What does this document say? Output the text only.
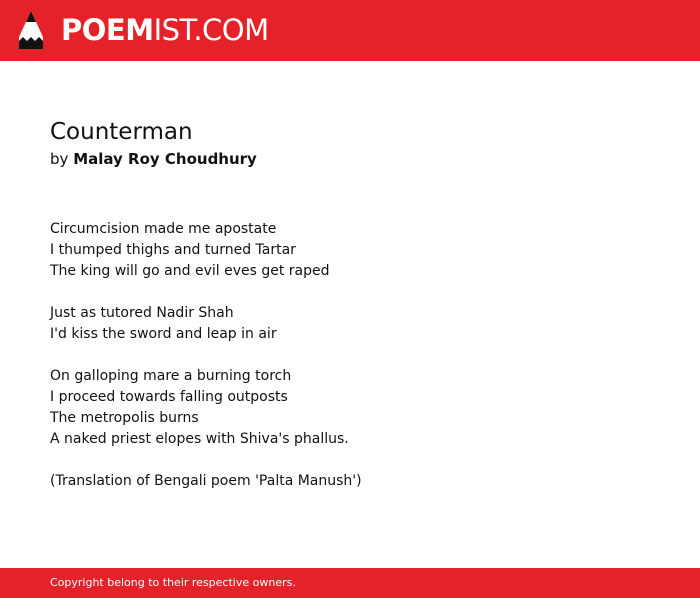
POEMIST.COM
Counterman
by Malay Roy Choudhury
Circumcision made me apostate
I thumped thighs and turned Tartar
The king will go and evil eves get raped
Just as tutored Nadir Shah
I'd kiss the sword and leap in air
On galloping mare a burning torch
I proceed towards falling outposts
The metropolis burns
A naked priest elopes with Shiva's phallus.
(Translation of Bengali poem 'Palta Manush')
Copyright belong to their respective owners.
